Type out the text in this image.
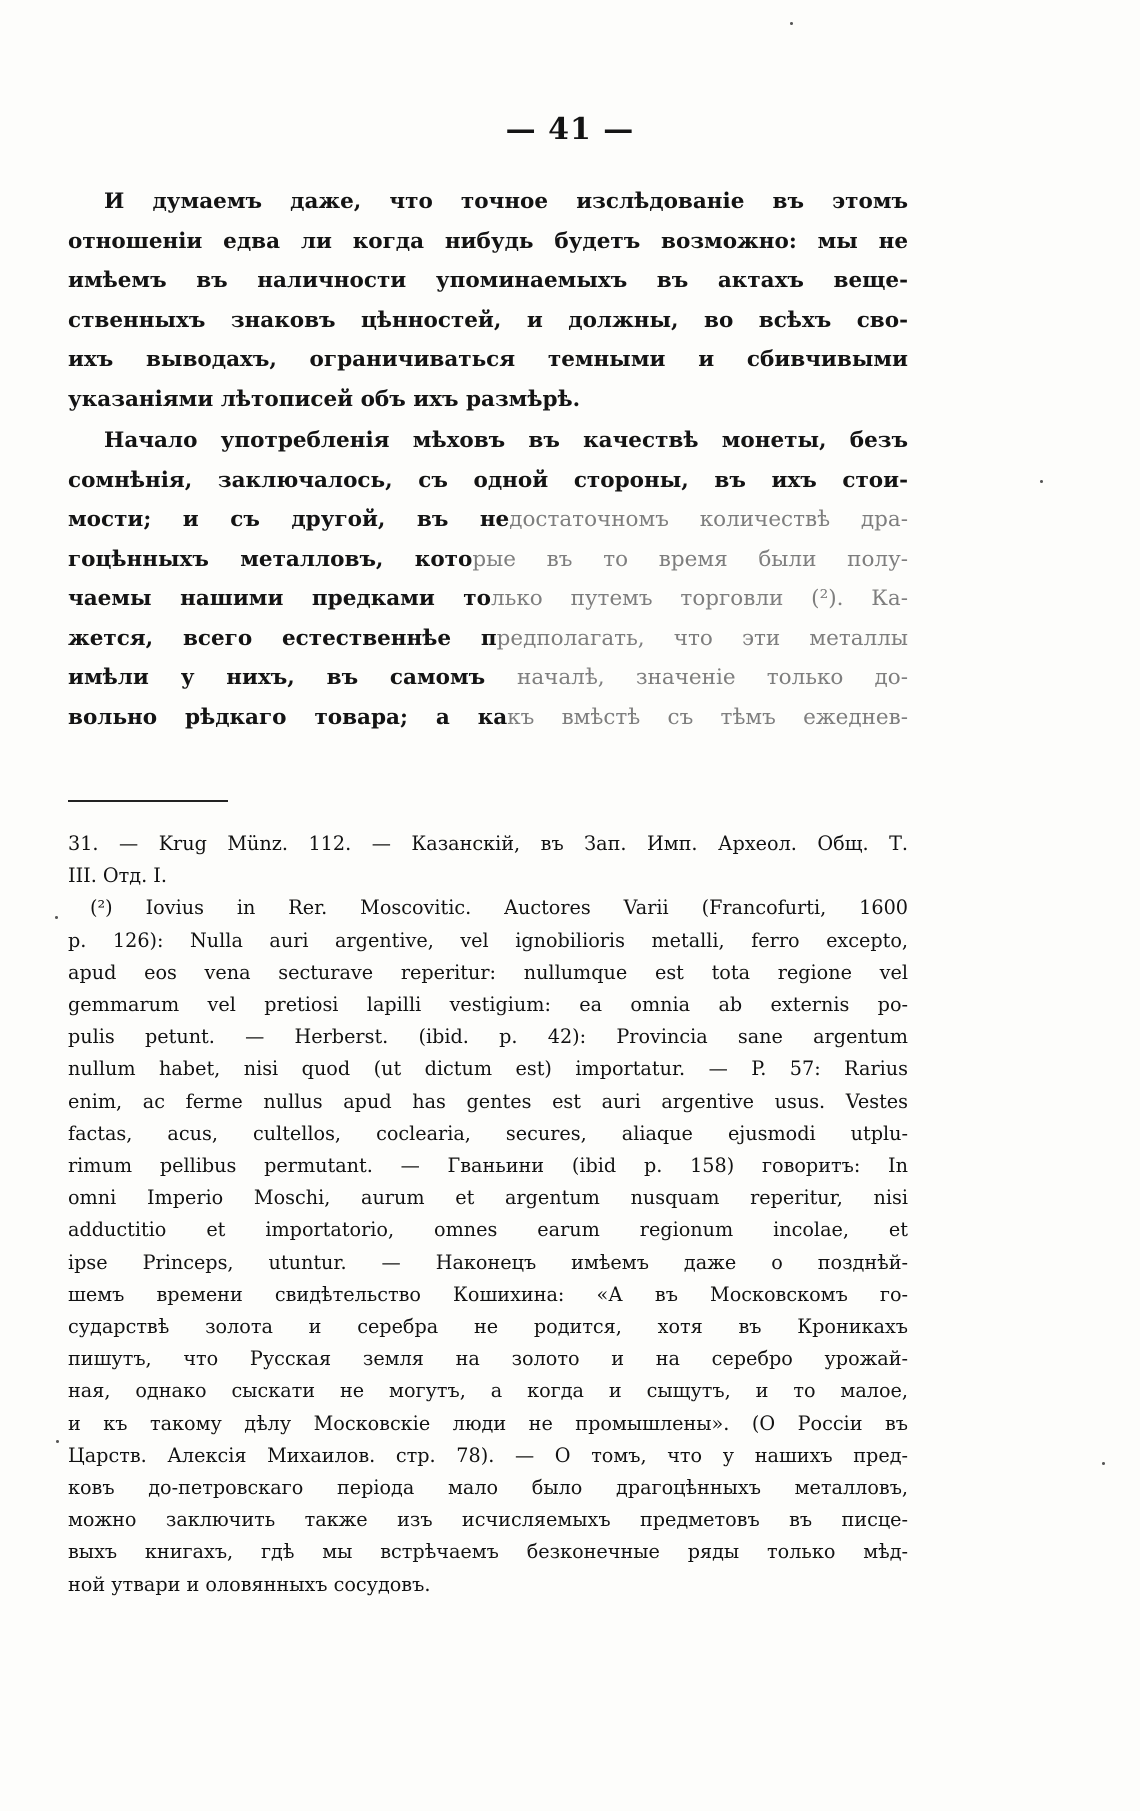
— 41 —

И думаемъ даже, что точное изслѣдованіе въ этомъ
отношеніи едва ли когда нибудь будетъ возможно: мы не
имѣемъ въ наличности упоминаемыхъ въ актахъ веще-
ственныхъ знаковъ цѣнностей, и должны, во всѣхъ сво-
ихъ выводахъ, ограничиваться темными и сбивчивыми
указаніями лѣтописей объ ихъ размѣрѣ.

Начало употребленія мѣховъ въ качествѣ монеты, безъ
сомнѣнія, заключалось, съ одной стороны, въ ихъ стои-
мости; и съ другой, въ недостаточномъ количествѣ дра-
гоцѣнныхъ металловъ, которые въ то время были полу-
чаемы нашими предками только путемъ торговли (²). Ка-
жется, всего естественнѣе предполагать, что эти металлы
имѣли у нихъ, въ самомъ началѣ, значеніе только до-
вольно рѣдкаго товара; а какъ вмѣстѣ съ тѣмъ ежеднев-

31. — Krug Münz. 112. — Казанскій, въ Зап. Имп. Археол. Общ. Т.
III. Отд. I.
(²) Iovius in Rer. Moscovitic. Auctores Varii (Francofurti, 1600
p. 126): Nulla auri argentive, vel ignobilioris metalli, ferro excepto,
apud eos vena secturave reperitur: nullumque est tota regione vel
gemmarum vel pretiosi lapilli vestigium: ea omnia ab externis po-
pulis petunt. — Herberst. (ibid. p. 42): Provincia sane argentum
nullum habet, nisi quod (ut dictum est) importatur. — P. 57: Rarius
enim, ac ferme nullus apud has gentes est auri argentive usus. Vestes
factas, acus, cultellos, coclearia, secures, aliaque ejusmodi utplu-
rimum pellibus permutant. — Гваньини (ibid p. 158) говоритъ: In
omni Imperio Moschi, aurum et argentum nusquam reperitur, nisi
adductitio et importatorio, omnes earum regionum incolae, et
ipse Princeps, utuntur. — Наконецъ имѣемъ даже о позднѣй-
шемъ времени свидѣтельство Кошихина: «А въ Московскомъ го-
сударствѣ золота и серебра не родится, хотя въ Кроникахъ
пишутъ, что Русская земля на золото и на серебро урожай-
ная, однако сыскати не могутъ, а когда и сыщутъ, и то малое,
и къ такому дѣлу Московскіе люди не промышлены». (О Россіи въ
Царств. Алексія Михаилов. стр. 78). — О томъ, что у нашихъ пред-
ковъ до-петровскаго періода мало было драгоцѣнныхъ металловъ,
можно заключить также изъ исчисляемыхъ предметовъ въ писце-
выхъ книгахъ, гдѣ мы встрѣчаемъ безконечные ряды только мѣд-
ной утвари и оловянныхъ сосудовъ.
